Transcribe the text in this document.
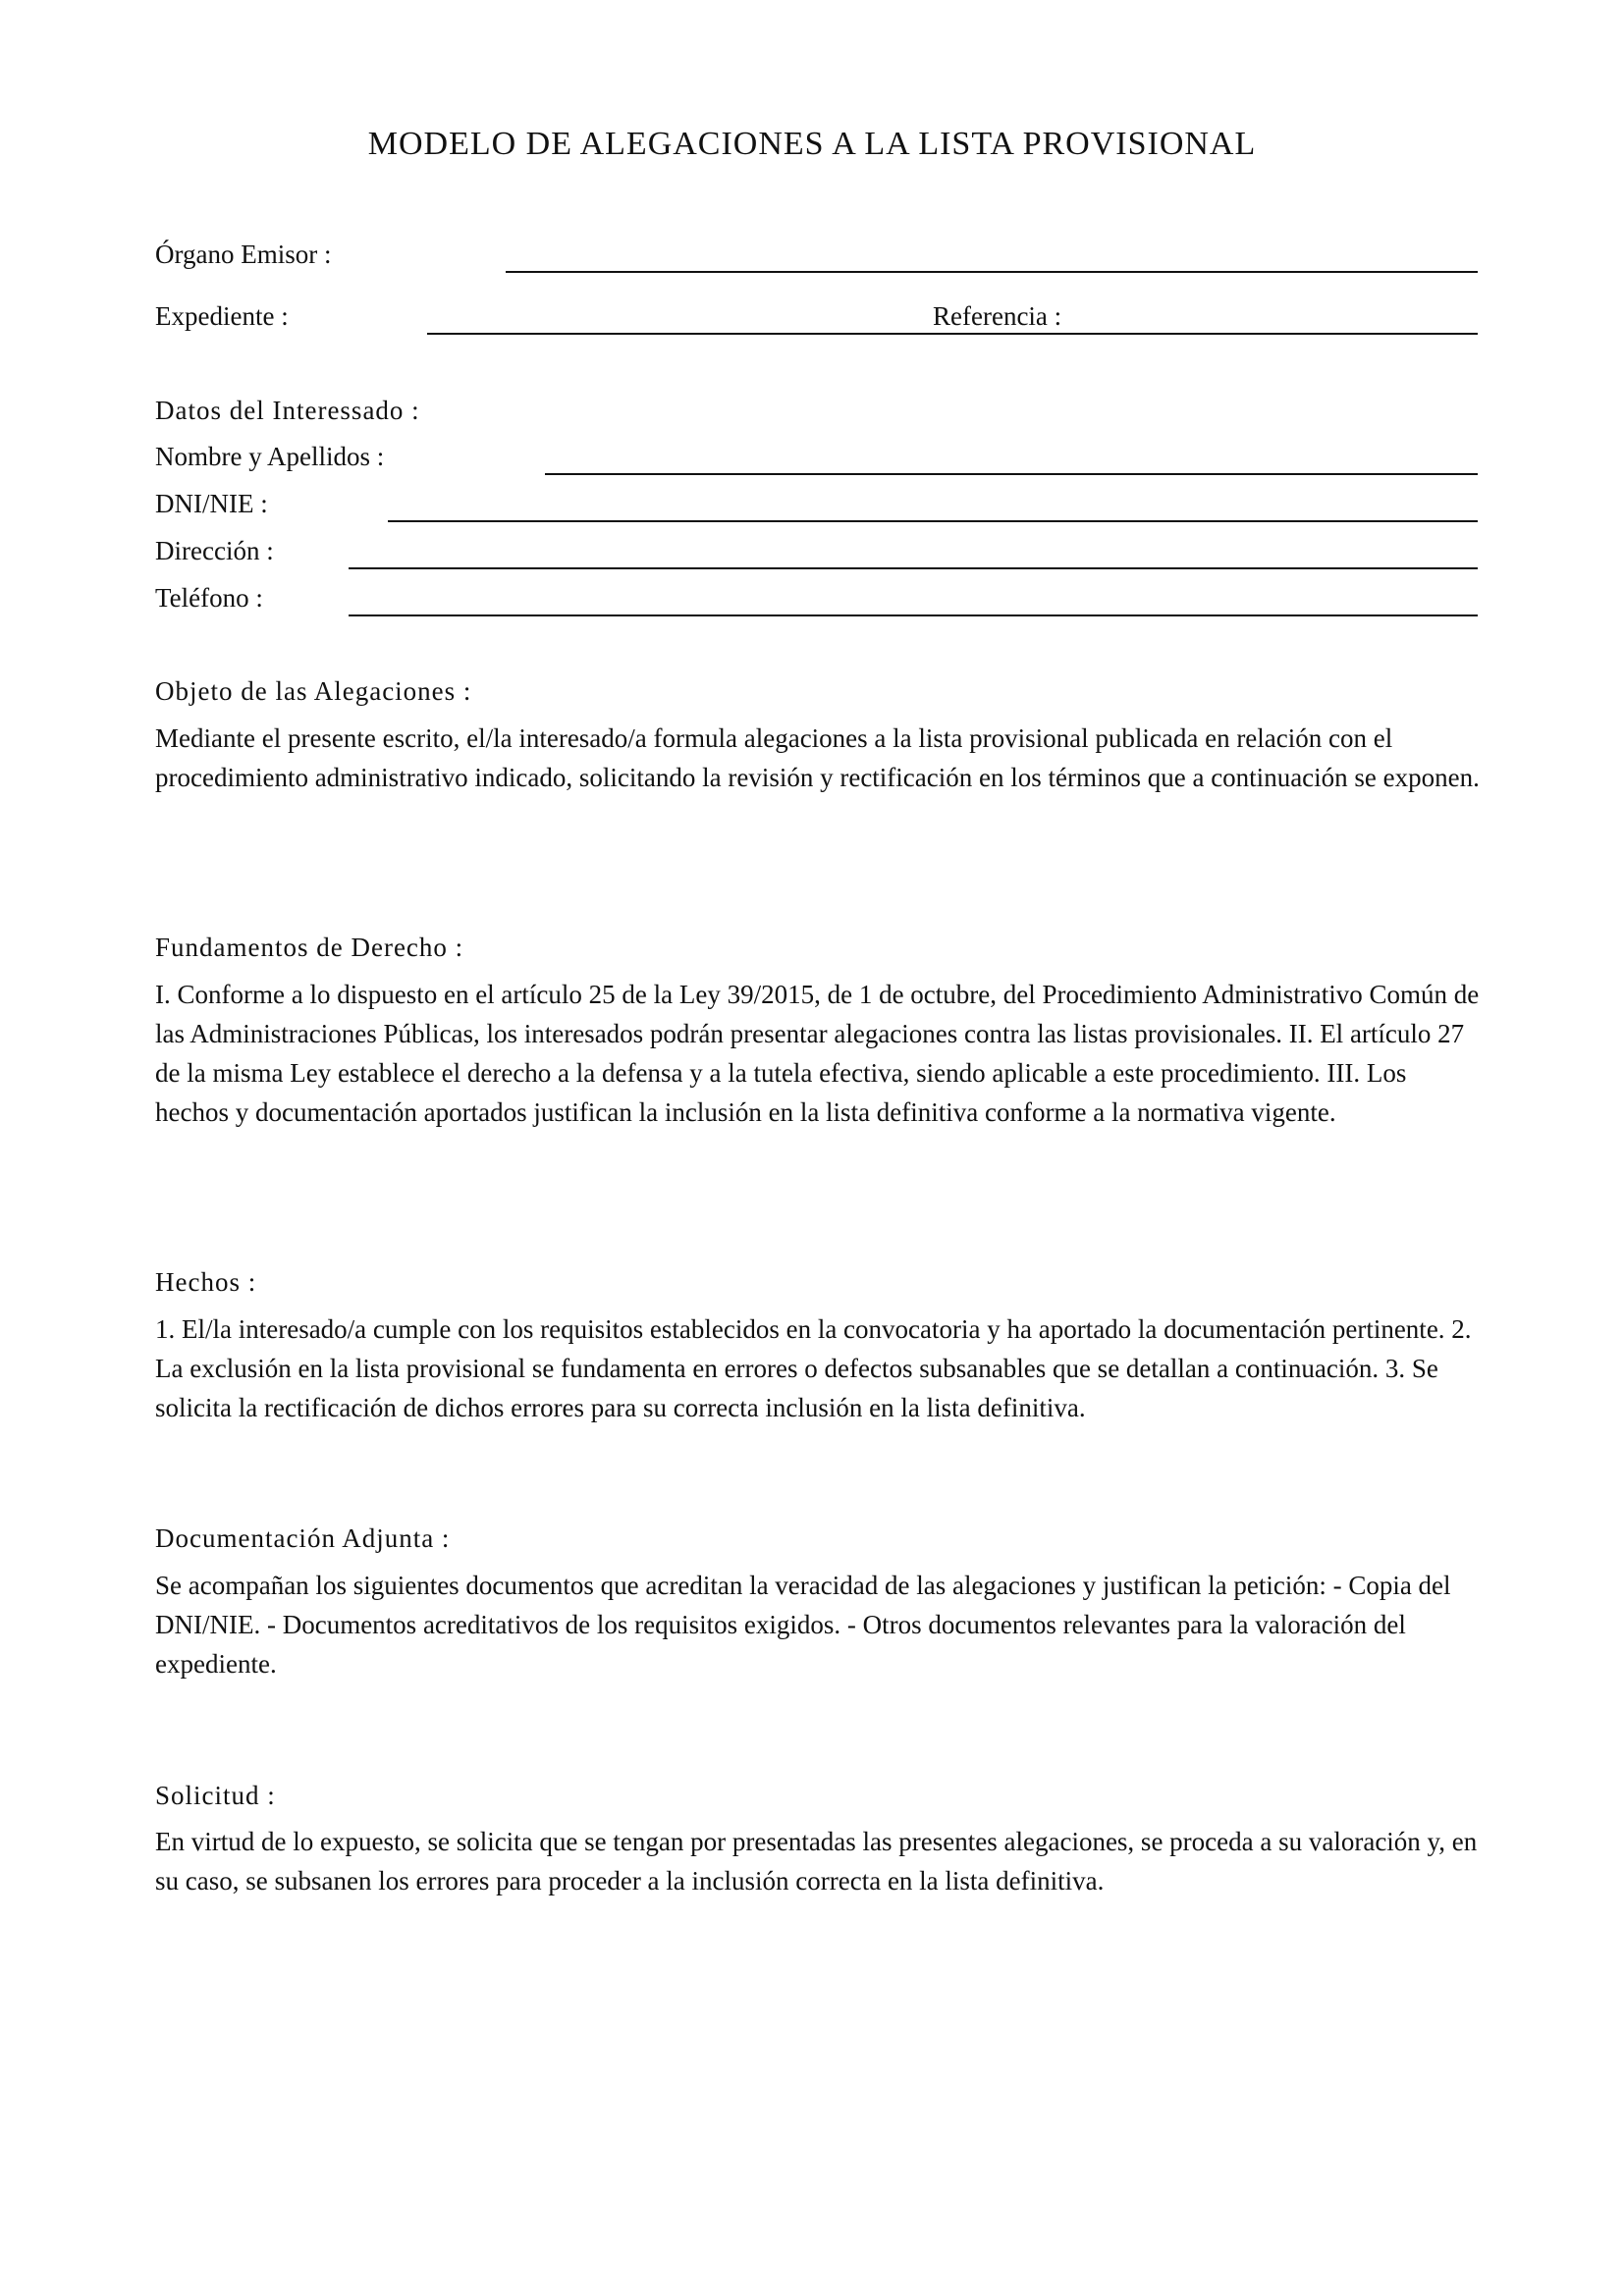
MODELO DE ALEGACIONES A LA LISTA PROVISIONAL
Órgano Emisor :
Expediente :	Referencia :
Datos del Interessado :
Nombre y Apellidos :
DNI/NIE :
Dirección :
Teléfono :
Objeto de las Alegaciones :

Mediante el presente escrito, el/la interesado/a formula alegaciones a la lista provisional publicada en relación con el procedimiento administrativo indicado, solicitando la revisión y rectificación en los términos que a continuación se exponen.

Fundamentos de Derecho :

I. Conforme a lo dispuesto en el artículo 25 de la Ley 39/2015, de 1 de octubre, del Procedimiento Administrativo Común de las Administraciones Públicas, los interesados podrán presentar alegaciones contra las listas provisionales. II. El artículo 27 de la misma Ley establece el derecho a la defensa y a la tutela efectiva, siendo aplicable a este procedimiento. III. Los hechos y documentación aportados justifican la inclusión en la lista definitiva conforme a la normativa vigente.

Hechos :

1. El/la interesado/a cumple con los requisitos establecidos en la convocatoria y ha aportado la documentación pertinente. 2. La exclusión en la lista provisional se fundamenta en errores o defectos subsanables que se detallan a continuación. 3. Se solicita la rectificación de dichos errores para su correcta inclusión en la lista definitiva.

Documentación Adjunta :

Se acompañan los siguientes documentos que acreditan la veracidad de las alegaciones y justifican la petición: - Copia del DNI/NIE. - Documentos acreditativos de los requisitos exigidos. - Otros documentos relevantes para la valoración del expediente.

Solicitud :

En virtud de lo expuesto, se solicita que se tengan por presentadas las presentes alegaciones, se proceda a su valoración y, en su caso, se subsanen los errores para proceder a la inclusión correcta en la lista definitiva.
